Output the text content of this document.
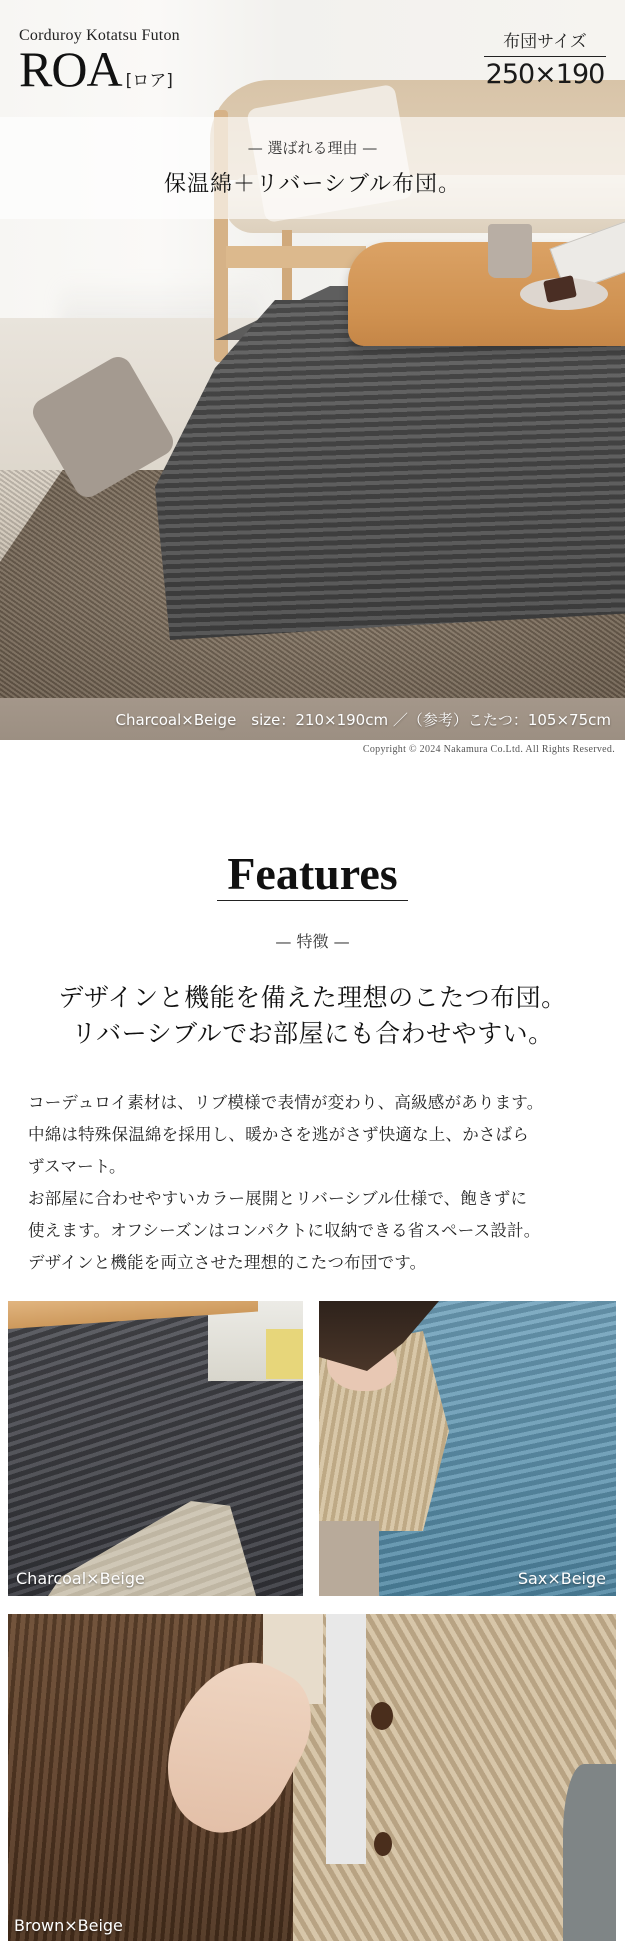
Corduroy Kotatsu Futon
ROA [ロア]
布団サイズ
250×190
— 選ばれる理由 —
保温綿＋リバーシブル布団。
Charcoal×Beige　size：210×190cm ／（参考）こたつ：105×75cm
Copyright © 2024 Nakamura Co.Ltd. All Rights Reserved.
Features
— 特徴 —
デザインと機能を備えた理想のこたつ布団。
リバーシブルでお部屋にも合わせやすい。
コーデュロイ素材は、リブ模様で表情が変わり、高級感があります。
中綿は特殊保温綿を採用し、暖かさを逃がさず快適な上、かさばら
ずスマート。
お部屋に合わせやすいカラー展開とリバーシブル仕様で、飽きずに
使えます。オフシーズンはコンパクトに収納できる省スペース設計。
デザインと機能を両立させた理想的こたつ布団です。
Charcoal×Beige	Sax×Beige
Brown×Beige
